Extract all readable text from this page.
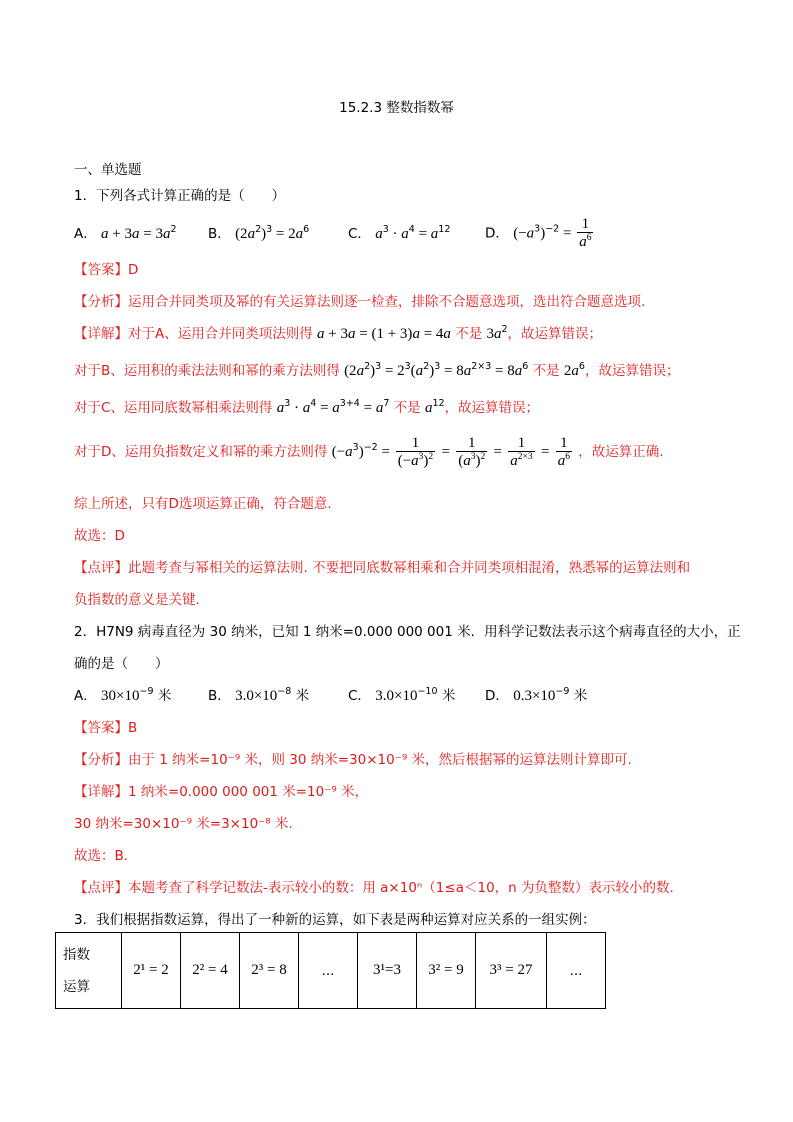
15.2.3 整数指数幂
一、单选题
1．下列各式计算正确的是（　　）
A． $a + 3a = 3a^2$ B． $(2a^2)^3 = 2a^6$	C． $a^3 \cdot a^4 = a^{12}$	D． $(-a^3)^{-2} = \frac{1}{a^6}$
【答案】D
【分析】运用合并同类项及幂的有关运算法则逐一检查，排除不合题意选项，选出符合题意选项.
【详解】对于A、运用合并同类项法则得 a + 3a = (1 + 3)a = 4a 不是 $3a^2$，故运算错误；
对于B、运用积的乘法法则和幂的乘方法则得 $(2a^2)^3 = 2^3(a^2)^3 = 8a^{2\times 3} = 8a^6$ 不是 $2a^6$，故运算错误；
对于C、运用同底数幂相乘法则得 $a^3 \cdot a^4 = a^{3+4} = a^7$ 不是 $a^{12}$，故运算错误；
对于D、运用负指数定义和幂的乘方法则得 $(-a^3)^{-2} = \frac{1}{(-a^3)^2} = \frac{1}{(a^3)^2} = \frac{1}{a^{2\times 3}} = \frac{1}{a^6}$ ，故运算正确.
综上所述，只有D选项运算正确，符合题意.
故选：D
【点评】此题考查与幂相关的运算法则. 不要把同底数幂相乘和合并同类项相混淆，熟悉幂的运算法则和
负指数的意义是关键.
2．H7N9 病毒直径为 30 纳米，已知 1 纳米=0.000 000 001 米．用科学记数法表示这个病毒直径的大小，正
确的是（　　）
A． $30\times 10^{-9}$ 米	B． $3.0\times 10^{-8}$ 米	C． $3.0\times 10^{-10}$ 米 D． $0.3\times 10^{-9}$ 米
【答案】B
【分析】由于 1 纳米=10⁻⁹ 米，则 30 纳米=30×10⁻⁹ 米，然后根据幂的运算法则计算即可.
【详解】1 纳米=0.000 000 001 米=10⁻⁹ 米，
30 纳米=30×10⁻⁹ 米=3×10⁻⁸ 米.
故选：B.
【点评】本题考查了科学记数法-表示较小的数：用 a×10ⁿ（1≤a＜10，n 为负整数）表示较小的数.
3．我们根据指数运算，得出了一种新的运算，如下表是两种运算对应关系的一组实例：
指数
运算
	2¹ = 2	2² = 4	2³ = 8	...	3¹=3	3² = 9	3³ = 27	...
